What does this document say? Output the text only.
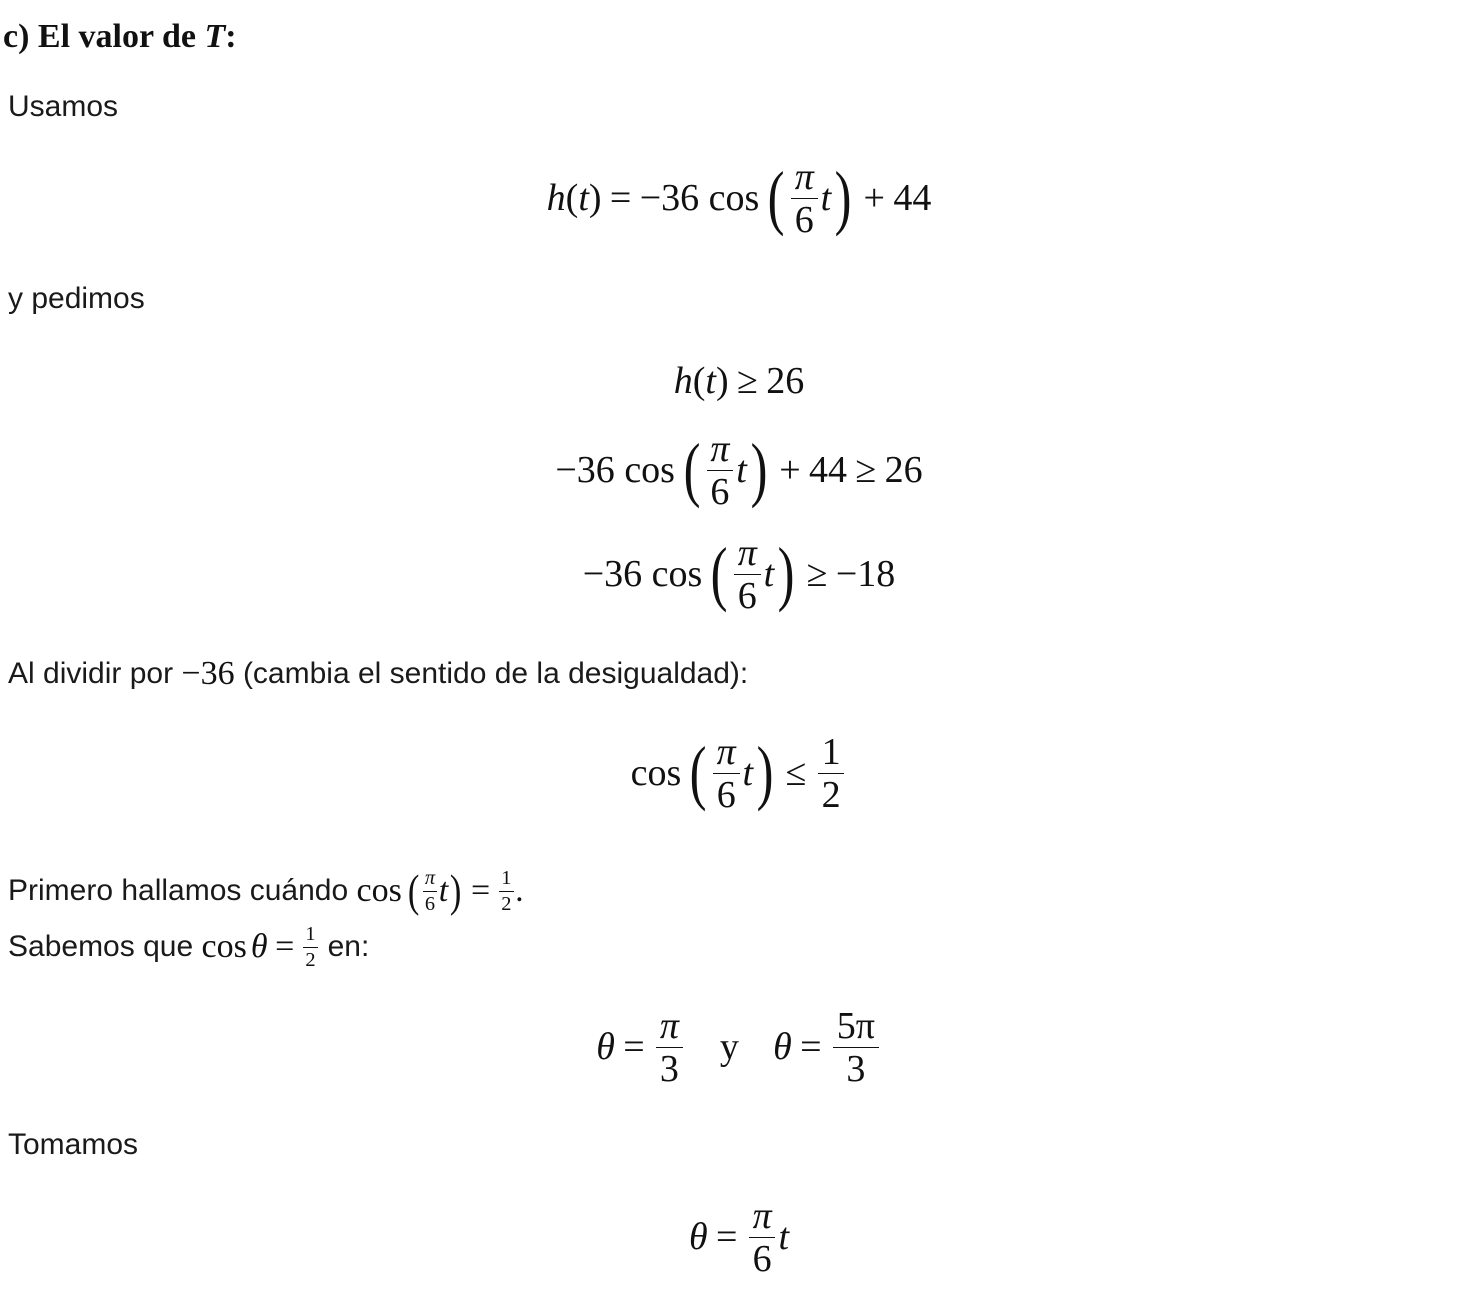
c) El valor de T:
Usamos
h ( t ) = −36
cos ( $\frac{\pi}{6}$ t ) + 44
y pedimos
h ( t ) ≥ 26
−36
cos ( $\frac{\pi}{6}$ t ) + 44 ≥ 26
−36
cos ( $\frac{\pi}{6}$ t ) ≥ −18
Al dividir por
−36
(cambia el sentido de la desigualdad):
cos ( $\frac{\pi}{6}$ t ) ≤ $\frac{1}{2}$
Primero hallamos cuándo
cos ( $\frac{\pi}{6}$ t ) = $\frac{1}{2}$ .
Sabemos que
$\cos \theta = \frac{1}{2}$
en:
$\theta = \frac{\pi}{3}$ y $\theta = \frac{5\pi}{3}$
Tomamos
$\theta = \frac{\pi}{6}$ t
